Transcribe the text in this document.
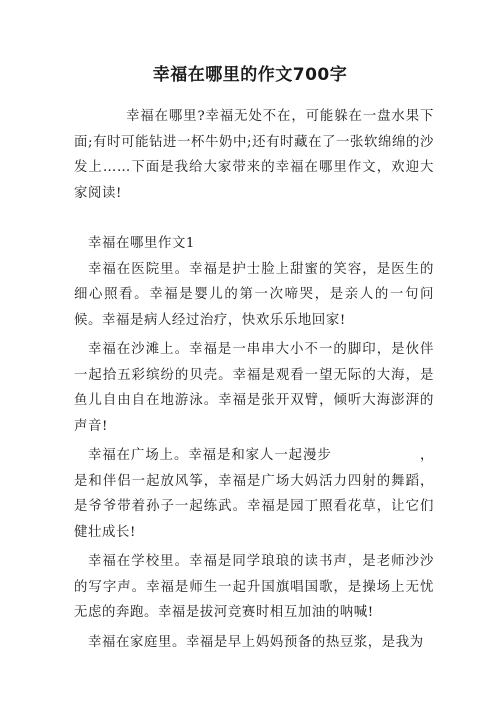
幸福在哪里的作文700字

幸福在哪里?幸福无处不在，可能躲在一盘水果下面;有时可能钻进一杯牛奶中;还有时藏在了一张软绵绵的沙发上……下面是我给大家带来的幸福在哪里作文，欢迎大家阅读!

幸福在哪里作文1

幸福在医院里。幸福是护士脸上甜蜜的笑容，是医生的细心照看。幸福是婴儿的第一次啼哭，是亲人的一句问候。幸福是病人经过治疗，快欢乐乐地回家!

幸福在沙滩上。幸福是一串串大小不一的脚印，是伙伴一起拾五彩缤纷的贝壳。幸福是观看一望无际的大海，是鱼儿自由自在地游泳。幸福是张开双臂，倾听大海澎湃的声音!

幸福在广场上。幸福是和家人一起漫步	，是和伴侣一起放风筝，幸福是广场大妈活力四射的舞蹈，是爷爷带着孙子一起练武。幸福是园丁照看花草，让它们健壮成长!

幸福在学校里。幸福是同学琅琅的读书声，是老师沙沙的写字声。幸福是师生一起升国旗唱国歌，是操场上无忧无虑的奔跑。幸福是拔河竞赛时相互加油的呐喊!

幸福在家庭里。幸福是早上妈妈预备的热豆浆，是我为
